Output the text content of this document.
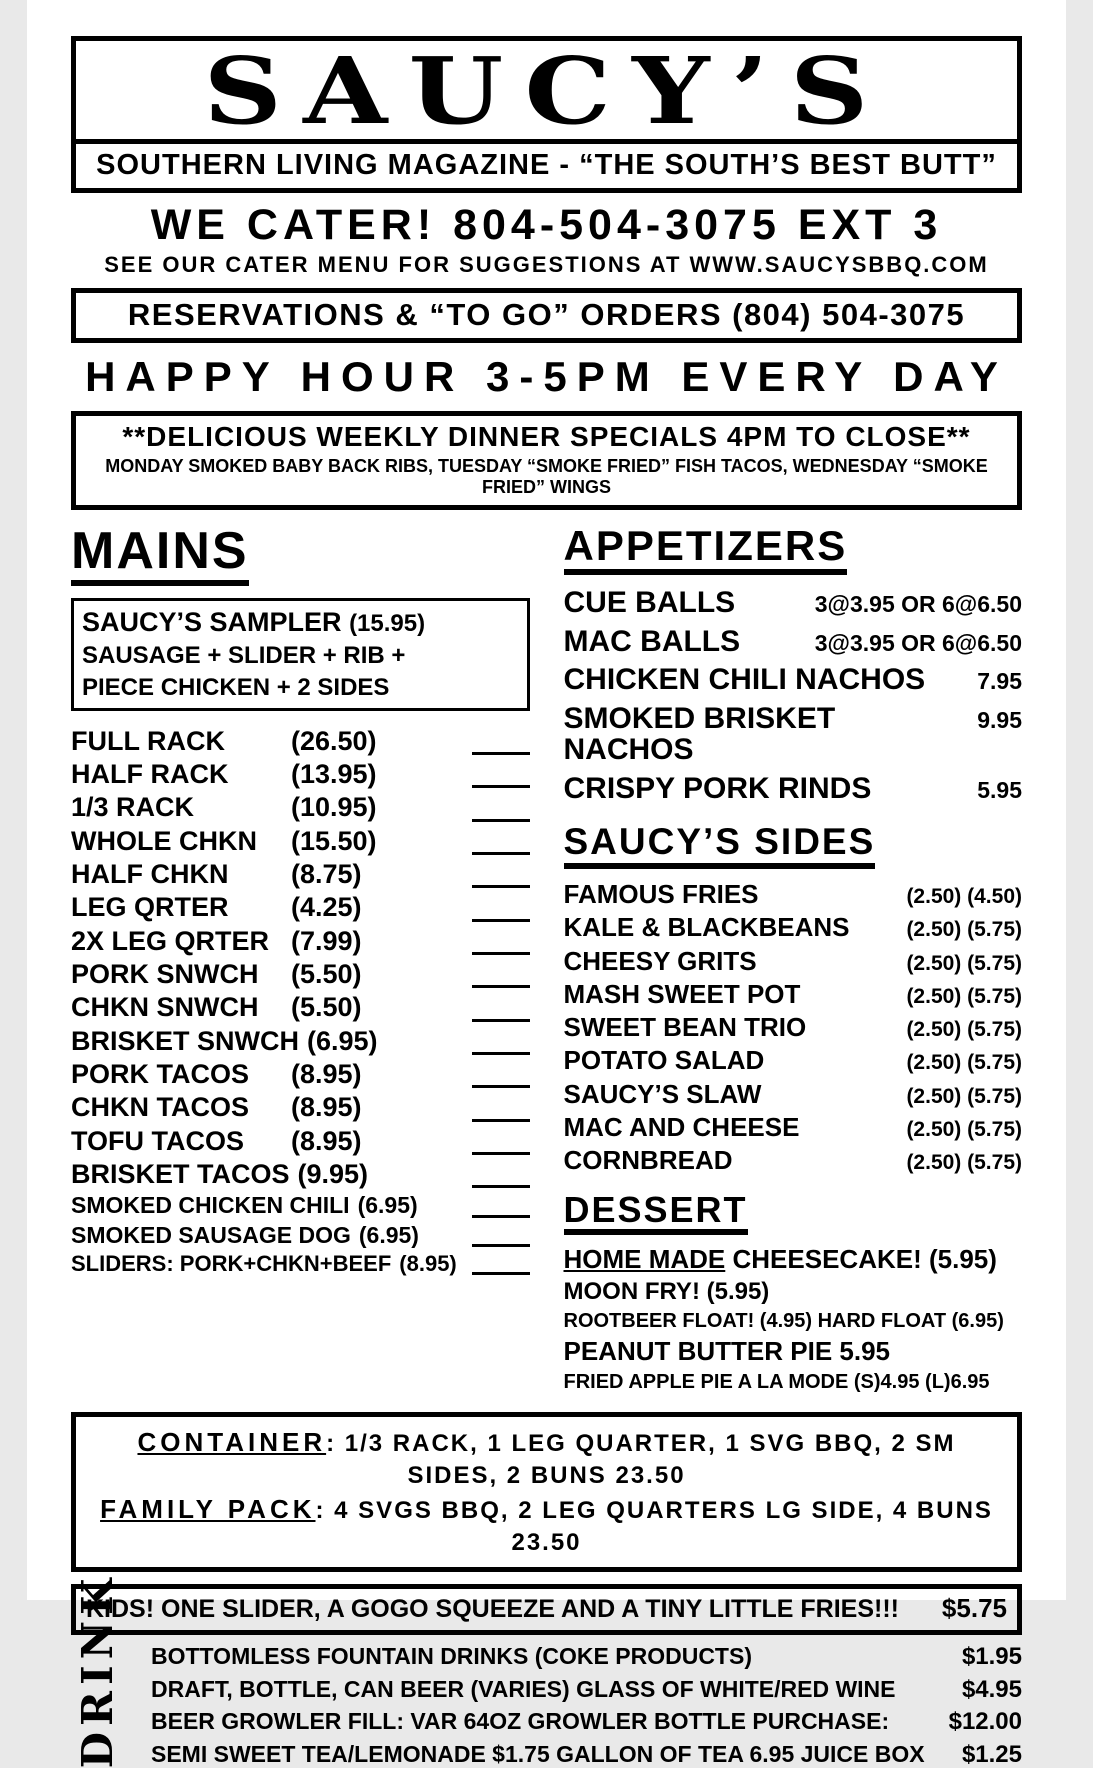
SAUCY’S
SOUTHERN LIVING MAGAZINE - “THE SOUTH’S BEST BUTT”
WE CATER! 804-504-3075 EXT 3
SEE OUR CATER MENU FOR SUGGESTIONS AT WWW.SAUCYSBBQ.COM
RESERVATIONS & “TO GO” ORDERS (804) 504-3075
HAPPY HOUR 3-5PM EVERY DAY
**DELICIOUS WEEKLY DINNER SPECIALS 4PM TO CLOSE**
MONDAY SMOKED BABY BACK RIBS, TUESDAY “SMOKE FRIED” FISH TACOS, WEDNESDAY “SMOKE FRIED” WINGS
MAINS
SAUCY’S SAMPLER (15.95)
SAUSAGE + SLIDER + RIB +
PIECE CHICKEN + 2 SIDES
FULL RACK	(26.50)
HALF RACK	(13.95)
1/3 RACK	(10.95)
WHOLE CHKN	(15.50)
HALF CHKN	(8.75)
LEG QRTER	(4.25)
2X LEG QRTER (7.99)
PORK SNWCH	(5.50)
CHKN SNWCH	(5.50)
BRISKET SNWCH (6.95)
PORK TACOS	(8.95)
CHKN TACOS	(8.95)
TOFU TACOS	(8.95)
BRISKET TACOS (9.95)
SMOKED CHICKEN CHILI (6.95)
SMOKED SAUSAGE DOG (6.95)
SLIDERS: PORK+CHKN+BEEF (8.95)
APPETIZERS
CUE BALLS	3@3.95 OR 6@6.50
MAC BALLS	3@3.95 OR 6@6.50
CHICKEN CHILI NACHOS 7.95
SMOKED BRISKET NACHOS
9.95
CRISPY PORK RINDS	5.95
SAUCY’S SIDES
FAMOUS FRIES	(2.50) (4.50)
KALE & BLACKBEANS	(2.50) (5.75)
CHEESY GRITS	(2.50) (5.75)
MASH SWEET POT	(2.50) (5.75)
SWEET BEAN TRIO	(2.50) (5.75)
POTATO SALAD	(2.50) (5.75)
SAUCY’S SLAW	(2.50) (5.75)
MAC AND CHEESE	(2.50) (5.75)
CORNBREAD	(2.50) (5.75)
DESSERT
HOME MADE CHEESECAKE! (5.95)
MOON FRY! (5.95)
ROOTBEER FLOAT! (4.95) HARD FLOAT (6.95)
PEANUT BUTTER PIE 5.95
FRIED APPLE PIE A LA MODE (S)4.95 (L)6.95
CONTAINER: 1/3 RACK, 1 LEG QUARTER, 1 SVG BBQ, 2 SM SIDES, 2 BUNS 23.50
FAMILY PACK: 4 SVGS BBQ, 2 LEG QUARTERS LG SIDE, 4 BUNS 23.50
KIDS! ONE SLIDER, A GOGO SQUEEZE AND A TINY LITTLE FRIES!!! $5.75
DRINK BOTTOMLESS FOUNTAIN DRINKS (COKE PRODUCTS)	$1.95
DRAFT, BOTTLE, CAN BEER (VARIES) GLASS OF WHITE/RED WINE	$4.95
BEER GROWLER FILL: VAR 64OZ GROWLER BOTTLE PURCHASE: $12.00
SEMI SWEET TEA/LEMONADE $1.75 GALLON OF TEA 6.95 JUICE BOX $1.25
